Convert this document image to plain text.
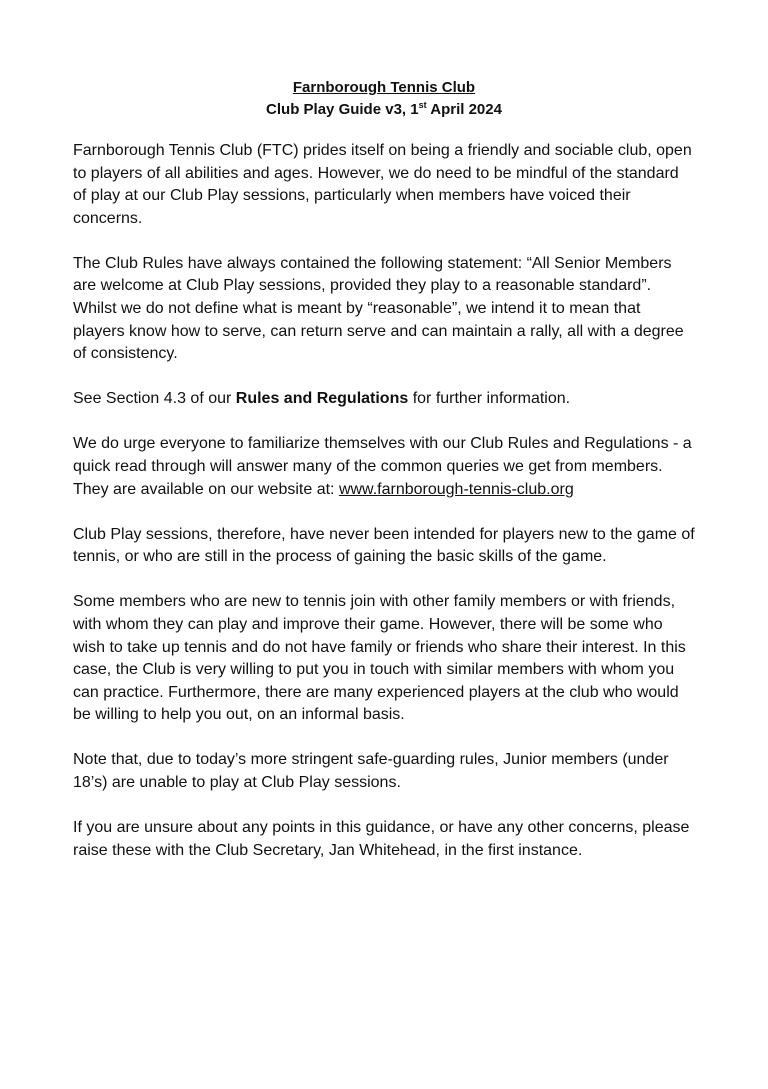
Farnborough Tennis Club
Club Play Guide v3, 1st April 2024

Farnborough Tennis Club (FTC) prides itself on being a friendly and sociable club, open to players of all abilities and ages. However, we do need to be mindful of the standard of play at our Club Play sessions, particularly when members have voiced their concerns.

The Club Rules have always contained the following statement: “All Senior Members are welcome at Club Play sessions, provided they play to a reasonable standard”. Whilst we do not define what is meant by “reasonable”, we intend it to mean that players know how to serve, can return serve and can maintain a rally, all with a degree of consistency.

See Section 4.3 of our Rules and Regulations for further information.

We do urge everyone to familiarize themselves with our Club Rules and Regulations - a quick read through will answer many of the common queries we get from members. They are available on our website at: www.farnborough-tennis-club.org

Club Play sessions, therefore, have never been intended for players new to the game of tennis, or who are still in the process of gaining the basic skills of the game.

Some members who are new to tennis join with other family members or with friends, with whom they can play and improve their game. However, there will be some who wish to take up tennis and do not have family or friends who share their interest. In this case, the Club is very willing to put you in touch with similar members with whom you can practice. Furthermore, there are many experienced players at the club who would be willing to help you out, on an informal basis.

Note that, due to today’s more stringent safe-guarding rules, Junior members (under 18’s) are unable to play at Club Play sessions.

If you are unsure about any points in this guidance, or have any other concerns, please raise these with the Club Secretary, Jan Whitehead, in the first instance.
